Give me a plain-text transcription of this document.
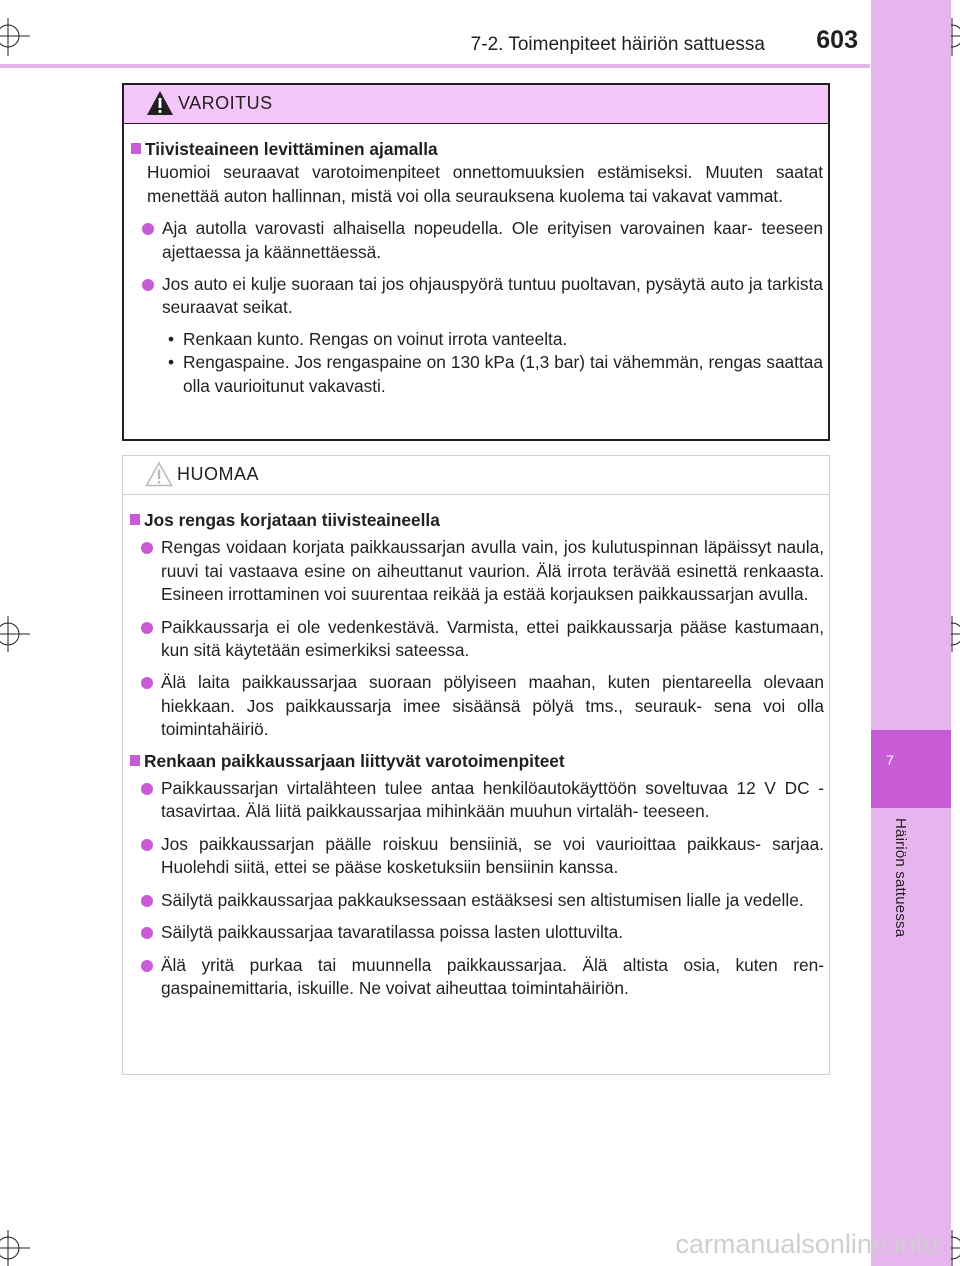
7
Häiriön sattuessa
7-2. Toimenpiteet häiriön sattuessa 603
VAROITUS
Tiivisteaineen levittäminen ajamalla
Huomioi seuraavat varotoimenpiteet onnettomuuksien estämiseksi. Muuten saatat menettää auton hallinnan, mistä voi olla seurauksena kuolema tai vakavat vammat.
Aja autolla varovasti alhaisella nopeudella. Ole erityisen varovainen kaar- teeseen ajettaessa ja käännettäessä.
Jos auto ei kulje suoraan tai jos ohjauspyörä tuntuu puoltavan, pysäytä auto ja tarkista seuraavat seikat.
• Renkaan kunto. Rengas on voinut irrota vanteelta.
• Rengaspaine. Jos rengaspaine on 130 kPa (1,3 bar) tai vähemmän, rengas saattaa olla vaurioitunut vakavasti.
HUOMAA
Jos rengas korjataan tiivisteaineella
Rengas voidaan korjata paikkaussarjan avulla vain, jos kulutuspinnan läpäissyt naula, ruuvi tai vastaava esine on aiheuttanut vaurion. Älä irrota terävää esinettä renkaasta. Esineen irrottaminen voi suurentaa reikää ja estää korjauksen paikkaussarjan avulla.
Paikkaussarja ei ole vedenkestävä. Varmista, ettei paikkaussarja pääse kastumaan, kun sitä käytetään esimerkiksi sateessa.
Älä laita paikkaussarjaa suoraan pölyiseen maahan, kuten pientareella olevaan hiekkaan. Jos paikkaussarja imee sisäänsä pölyä tms., seurauk- sena voi olla toimintahäiriö.
Renkaan paikkaussarjaan liittyvät varotoimenpiteet
Paikkaussarjan virtalähteen tulee antaa henkilöautokäyttöön soveltuvaa 12 V DC -tasavirtaa. Älä liitä paikkaussarjaa mihinkään muuhun virtaläh- teeseen.
Jos paikkaussarjan päälle roiskuu bensiiniä, se voi vaurioittaa paikkaus- sarjaa. Huolehdi siitä, ettei se pääse kosketuksiin bensiinin kanssa.
Säilytä paikkaussarjaa pakkauksessaan estääksesi sen altistumisen lialle ja vedelle.
Säilytä paikkaussarjaa tavaratilassa poissa lasten ulottuvilta.
Älä yritä purkaa tai muunnella paikkaussarjaa. Älä altista osia, kuten ren- gaspainemittaria, iskuille. Ne voivat aiheuttaa toimintahäiriön.
carmanualsonline.info
